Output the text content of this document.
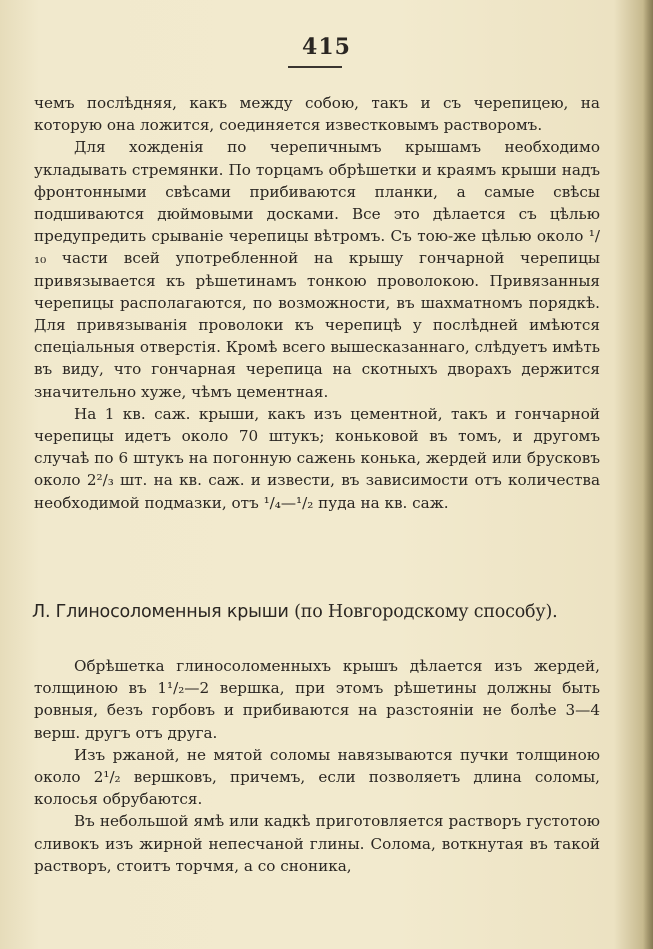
415

чемъ послѣдняя, какъ между собою, такъ и съ черепицею, на которую она ложится, соединяется известковымъ растворомъ.

Для хожденія по черепичнымъ крышамъ необходимо укладывать стремянки. По торцамъ обрѣшетки и краямъ крыши надъ фронтонными свѣсами прибиваются планки, а самые свѣсы подшиваются дюймовыми досками. Все это дѣлается съ цѣлью предупредить срываніе черепицы вѣтромъ. Съ тою-же цѣлью около ¹/₁₀ части всей употребленной на крышу гончарной черепицы привязывается къ рѣшетинамъ тонкою проволокою. Привязанныя черепицы располагаются, по возможности, въ шахматномъ порядкѣ. Для привязыванія проволоки къ черепицѣ у послѣдней имѣются спеціальныя отверстія. Кромѣ всего вышесказаннаго, слѣдуетъ имѣть въ виду, что гончарная черепица на скотныхъ дворахъ держится значительно хуже, чѣмъ цементная.

На 1 кв. саж. крыши, какъ изъ цементной, такъ и гончарной черепицы идетъ около 70 штукъ; коньковой въ томъ, и другомъ случаѣ по 6 штукъ на погонную сажень конька, жердей или брусковъ около 2²/₃ шт. на кв. саж. и извести, въ зависимости отъ количества необходимой подмазки, отъ ¹/₄—¹/₂ пуда на кв. саж.

Л. Глиносоломенныя крыши (по Новгородскому способу).

Обрѣшетка глиносоломенныхъ крышъ дѣлается изъ жердей, толщиною въ 1¹/₂—2 вершка, при этомъ рѣшетины должны быть ровныя, безъ горбовъ и прибиваются на разстояніи не болѣе 3—4 верш. другъ отъ друга.

Изъ ржаной, не мятой соломы навязываются пучки толщиною около 2¹/₂ вершковъ, причемъ, если позволяетъ длина соломы, колосья обрубаются.

Въ небольшой ямѣ или кадкѣ приготовляется растворъ густотою сливокъ изъ жирной непесчаной глины. Солома, воткнутая въ такой растворъ, стоитъ торчмя, а со сноника,
